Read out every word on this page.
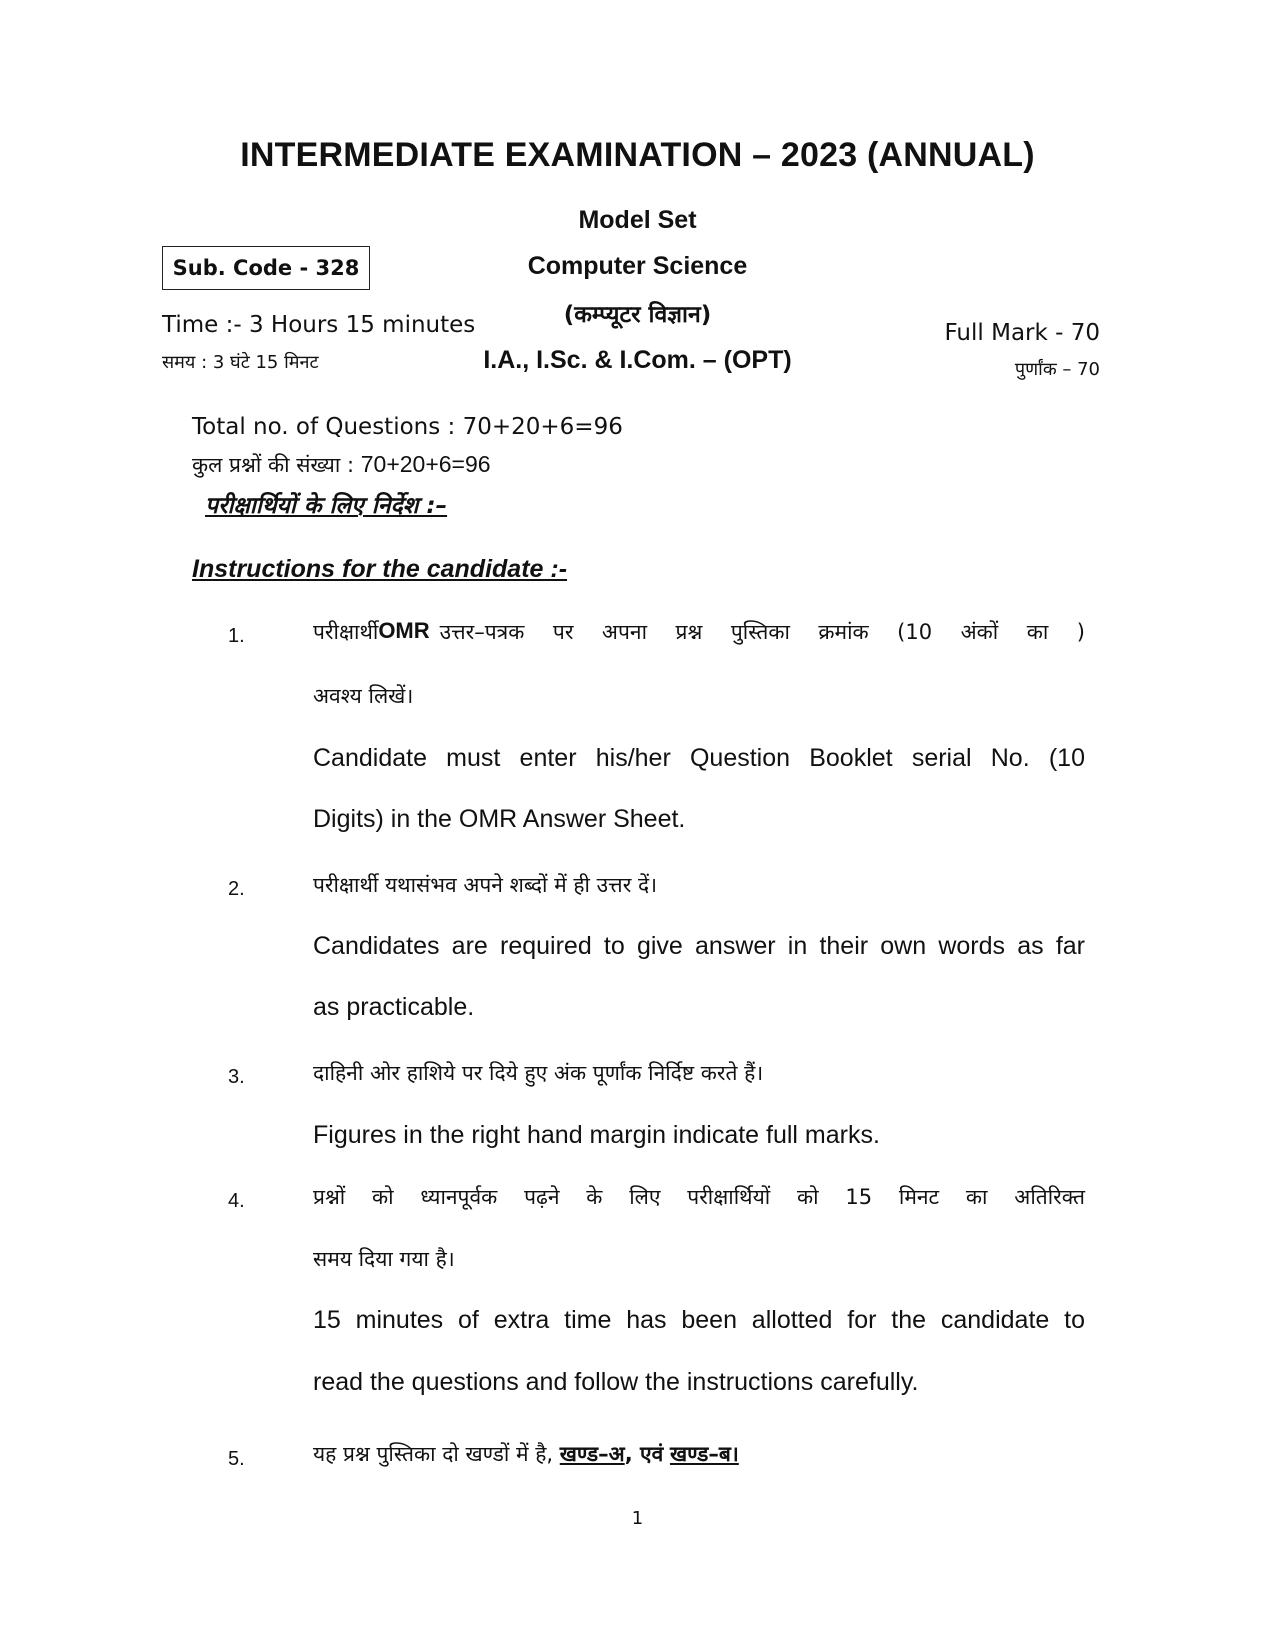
INTERMEDIATE EXAMINATION – 2023 (ANNUAL)
Model Set
Sub. Code - 328	Computer Science
(कम्प्यूटर विज्ञान)
I.A., I.Sc. & I.Com. – (OPT)
Time :- 3 Hours 15 minutes
समय : 3 घंटे 15 मिनट
Full Mark - 70
पुर्णांक – 70
Total no. of Questions : 70+20+6=96
कुल प्रश्नों की संख्या : 70+20+6=96
परीक्षार्थियों के लिए निर्देश :–
Instructions for the candidate :-
1.	परीक्षार्थी OMR उत्तर–पत्रक पर अपना प्रश्न पुस्तिका क्रमांक (10 अंकों का )
अवश्य लिखें।
Candidate must enter his/her Question Booklet serial No. (10
Digits) in the OMR Answer Sheet.
2.	परीक्षार्थी यथासंभव अपने शब्दों में ही उत्तर दें।
Candidates are required to give answer in their own words as far
as practicable.
3.	दाहिनी ओर हाशिये पर दिये हुए अंक पूर्णांक निर्दिष्ट करते हैं।
Figures in the right hand margin indicate full marks.
4.	प्रश्नों को ध्यानपूर्वक पढ़ने के लिए परीक्षार्थियों को 15 मिनट का अतिरिक्त
समय दिया गया है।
15 minutes of extra time has been allotted for the candidate to
read the questions and follow the instructions carefully.
5.	यह प्रश्न पुस्तिका दो खण्डों में है, खण्ड–अ, एवं खण्ड–ब।
1
